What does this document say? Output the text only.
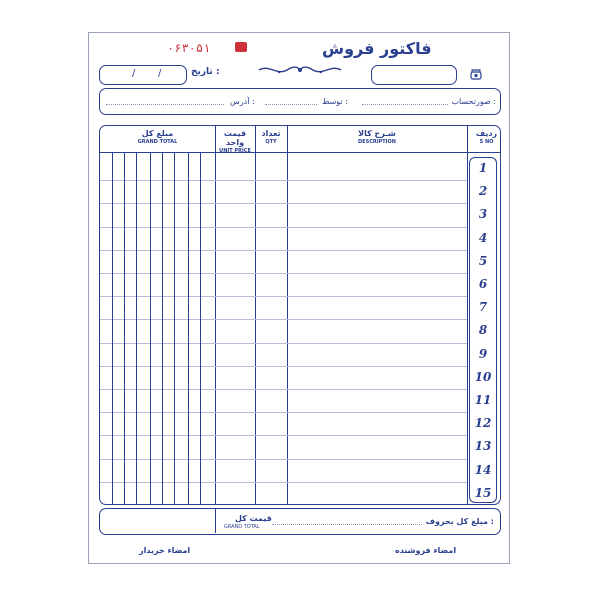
فاکتور فروش
۰۶۳۰۵۱
/ /	تاریخ :
صورتحساب :
توسط :
آدرس :
ردیف
S NO
شـرح کالا
DESCRIPTION
تعداد
QTY
قیمت واحد
UNIT PRICE
مبلغ کل
GRAND TOTAL
1
2
3
4
5
6
7
8
9
10
11
12
13
14
15
قیمت کل
GRAND TOTAL
مبلغ کل بحروف :
امضاء فروشنده
امضاء خریدار
